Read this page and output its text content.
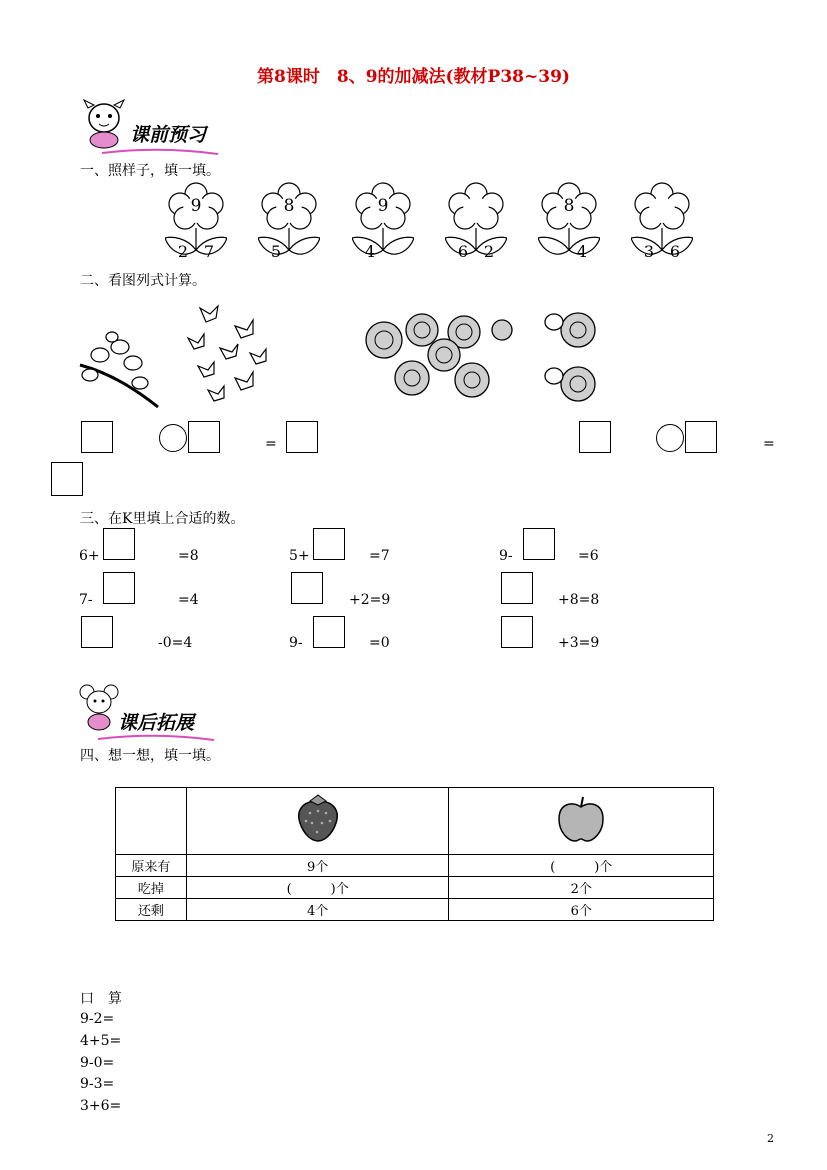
第8课时　8、9的加减法(教材P38~39)
课前预习
一、照样子，填一填。
9
2 7
8
5
9
4	6 2
8
4	3 6
二、看图列式计算。
=	=
三、在K里填上合适的数。
6+	=8	5+	=7	9-	=6
7-	=4	+2=9	+8=8
-0=4	9-	=0	+3=9
课后拓展
四、想一想，填一填。

原来有	9个	(　　　)个
吃掉	(　　　)个	2个
还剩	4个	6个
口　算
9-2=
4+5=
9-0=
9-3=
3+6=
2
